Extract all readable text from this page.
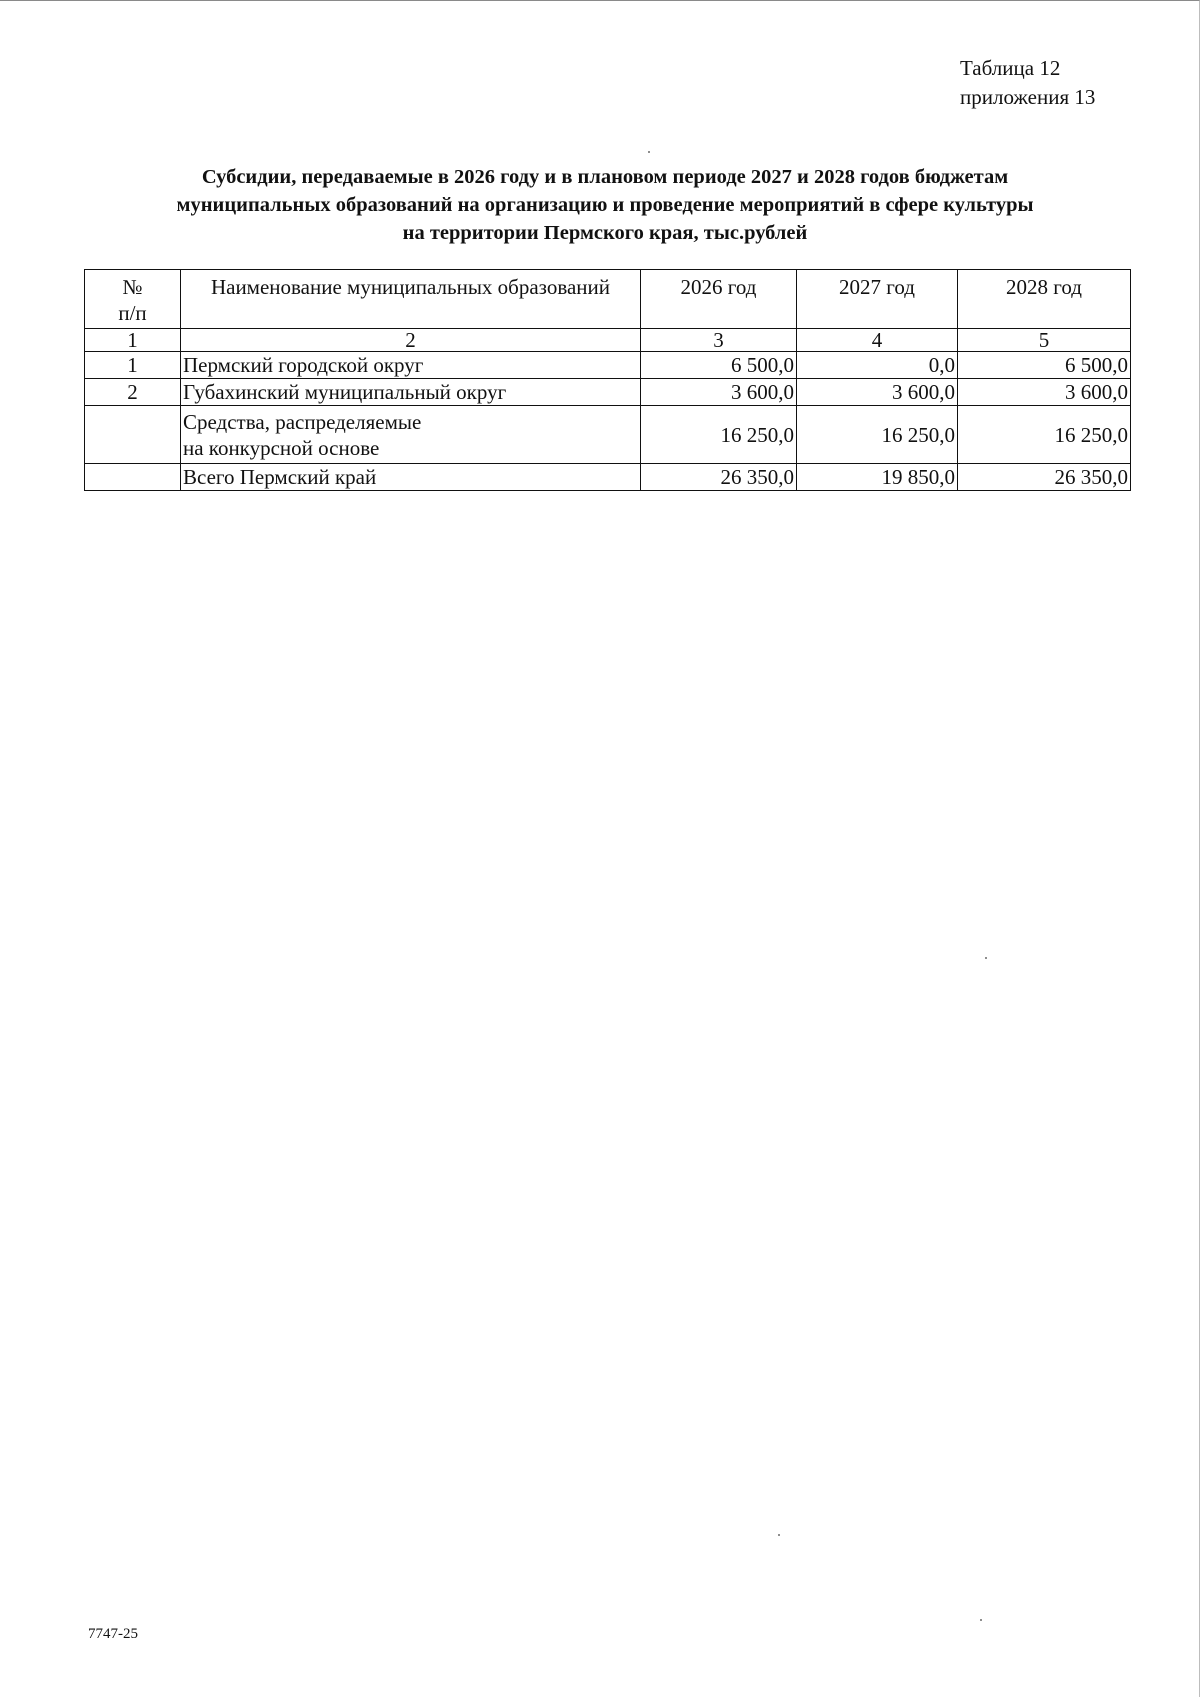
Таблица 12
приложения 13
Субсидии, передаваемые в 2026 году и в плановом периоде 2027 и 2028 годов бюджетам
муниципальных образований на организацию и проведение мероприятий в сфере культуры
на территории Пермского края, тыс.рублей
№
п/п	Наименование муниципальных образований	2026 год	2027 год	2028 год
1	2	3	4	5
1	Пермский городской округ	6 500,0	0,0	6 500,0
2	Губахинский муниципальный округ	3 600,0	3 600,0	3 600,0

	Средства, распределяемые
на конкурсной основе	16 250,0	16 250,0	16 250,0
	Всего Пермский край	26 350,0	19 850,0	26 350,0
7747-25
